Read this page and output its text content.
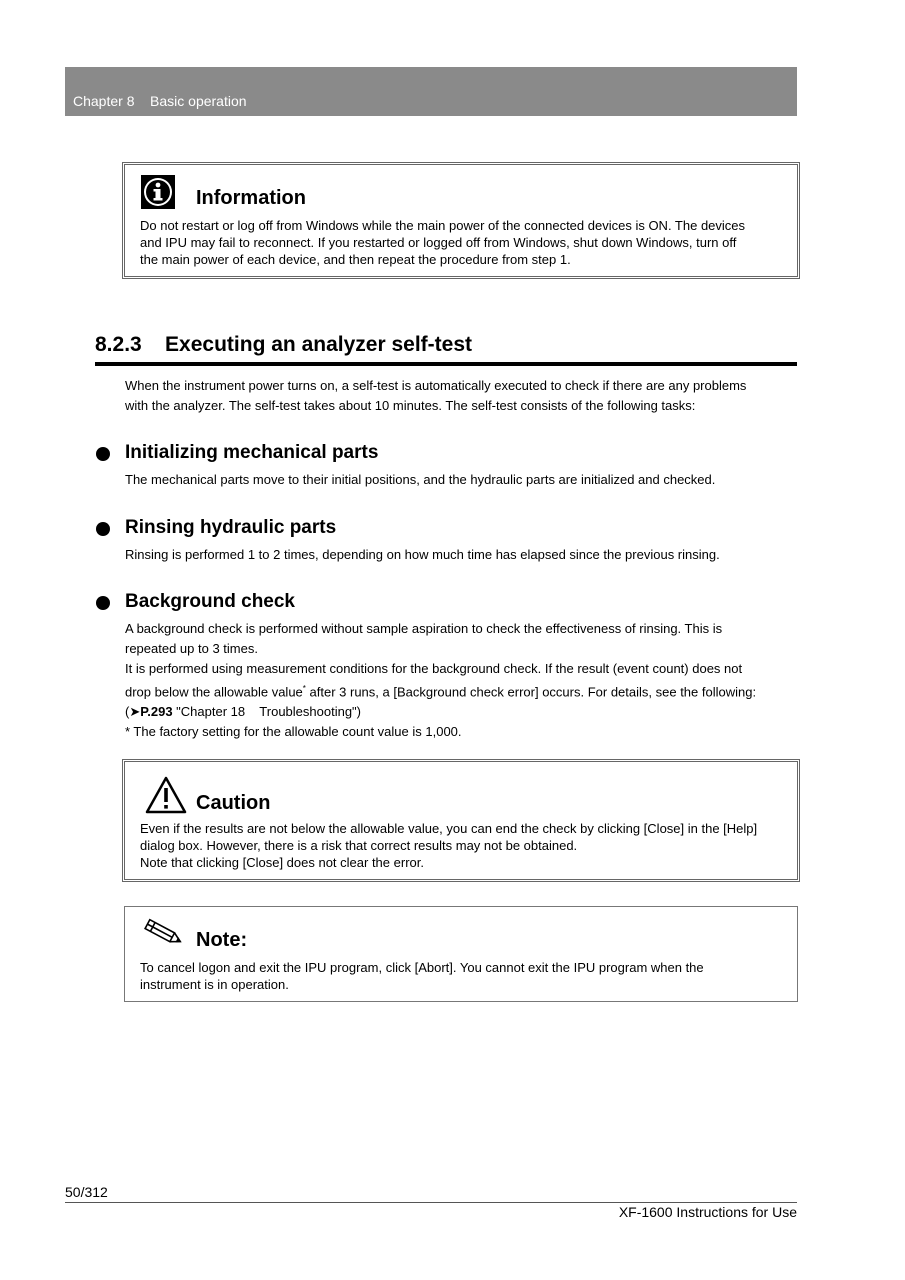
Chapter 8    Basic operation
Information
Do not restart or log off from Windows while the main power of the connected devices is ON. The devices
and IPU may fail to reconnect. If you restarted or logged off from Windows, shut down Windows, turn off
the main power of each device, and then repeat the procedure from step 1.
8.2.3    Executing an analyzer self-test
When the instrument power turns on, a self-test is automatically executed to check if there are any problems
with the analyzer. The self-test takes about 10 minutes. The self-test consists of the following tasks:
Initializing mechanical parts
The mechanical parts move to their initial positions, and the hydraulic parts are initialized and checked.
Rinsing hydraulic parts
Rinsing is performed 1 to 2 times, depending on how much time has elapsed since the previous rinsing.
Background check
A background check is performed without sample aspiration to check the effectiveness of rinsing. This is
repeated up to 3 times.
It is performed using measurement conditions for the background check. If the result (event count) does not
drop below the allowable value* after 3 runs, a [Background check error] occurs. For details, see the following:
(➤P.293 "Chapter 18    Troubleshooting")
* The factory setting for the allowable count value is 1,000.
Caution
Even if the results are not below the allowable value, you can end the check by clicking [Close] in the [Help]
dialog box. However, there is a risk that correct results may not be obtained.
Note that clicking [Close] does not clear the error.
Note:
To cancel logon and exit the IPU program, click [Abort]. You cannot exit the IPU program when the
instrument is in operation.
50/312
XF-1600 Instructions for Use
